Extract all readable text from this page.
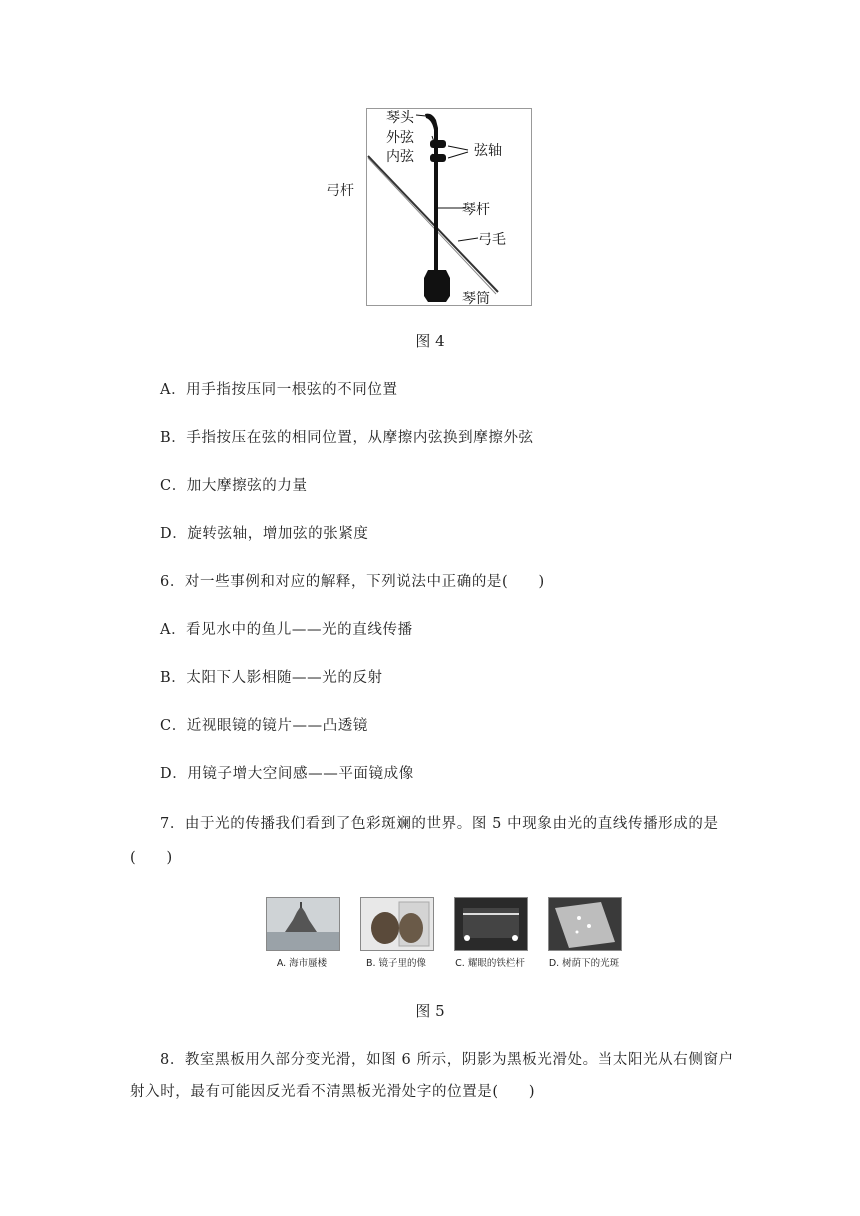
琴头
外弦
内弦	弦轴
琴杆
弓毛
琴筒
弓杆
图 4
A．用手指按压同一根弦的不同位置
B．手指按压在弦的相同位置，从摩擦内弦换到摩擦外弦
C．加大摩擦弦的力量
D．旋转弦轴，增加弦的张紧度
6．对一些事例和对应的解释，下列说法中正确的是(　　)
A．看见水中的鱼儿——光的直线传播
B．太阳下人影相随——光的反射
C．近视眼镜的镜片——凸透镜
D．用镜子增大空间感——平面镜成像
7．由于光的传播我们看到了色彩斑斓的世界。图 5 中现象由光的直线传播形成的是
(　　)
A. 海市蜃楼	B. 镜子里的像	C. 耀眼的铁栏杆	D. 树荫下的光斑
图 5
8．教室黑板用久部分变光滑，如图 6 所示，阴影为黑板光滑处。当太阳光从右侧窗户
射入时，最有可能因反光看不清黑板光滑处字的位置是(　　)
